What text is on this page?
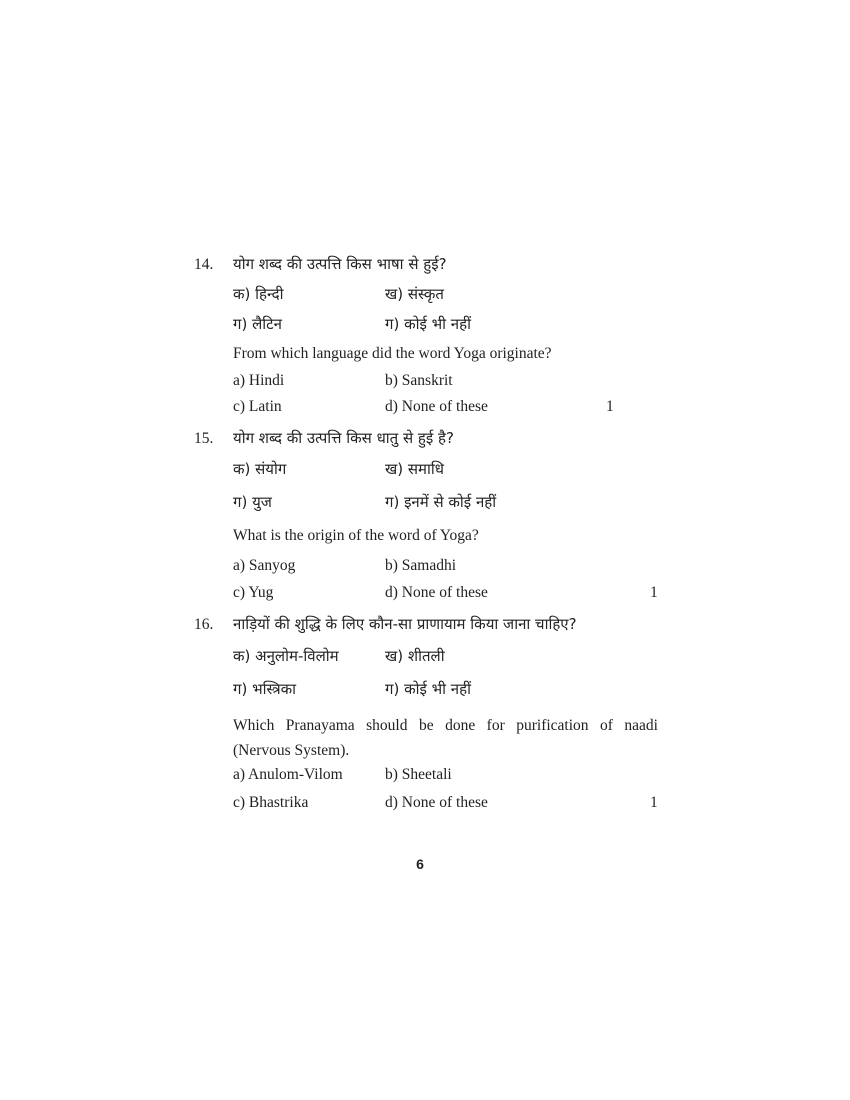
14. योग शब्द की उत्पत्ति किस भाषा से हुई?
क) हिन्दी	ख) संस्कृत
ग) लैटिन	ग) कोई भी नहीं
From which language did the word Yoga originate?
a) Hindi	b) Sanskrit
c) Latin	d) None of these	1
15. योग शब्द की उत्पत्ति किस धातु से हुई है?
क) संयोग	ख) समाधि
ग) युज	ग) इनमें से कोई नहीं
What is the origin of the word of Yoga?
a) Sanyog	b) Samadhi
c) Yug	d) None of these	1
16. नाड़ियों की शुद्धि के लिए कौन-सा प्राणायाम किया जाना चाहिए?
क) अनुलोम-विलोम	ख) शीतली
ग) भस्त्रिका	ग) कोई भी नहीं
Which Pranayama should be done for purification of naadi (Nervous System).
a) Anulom-Vilom	b) Sheetali
c) Bhastrika	d) None of these	1
6
